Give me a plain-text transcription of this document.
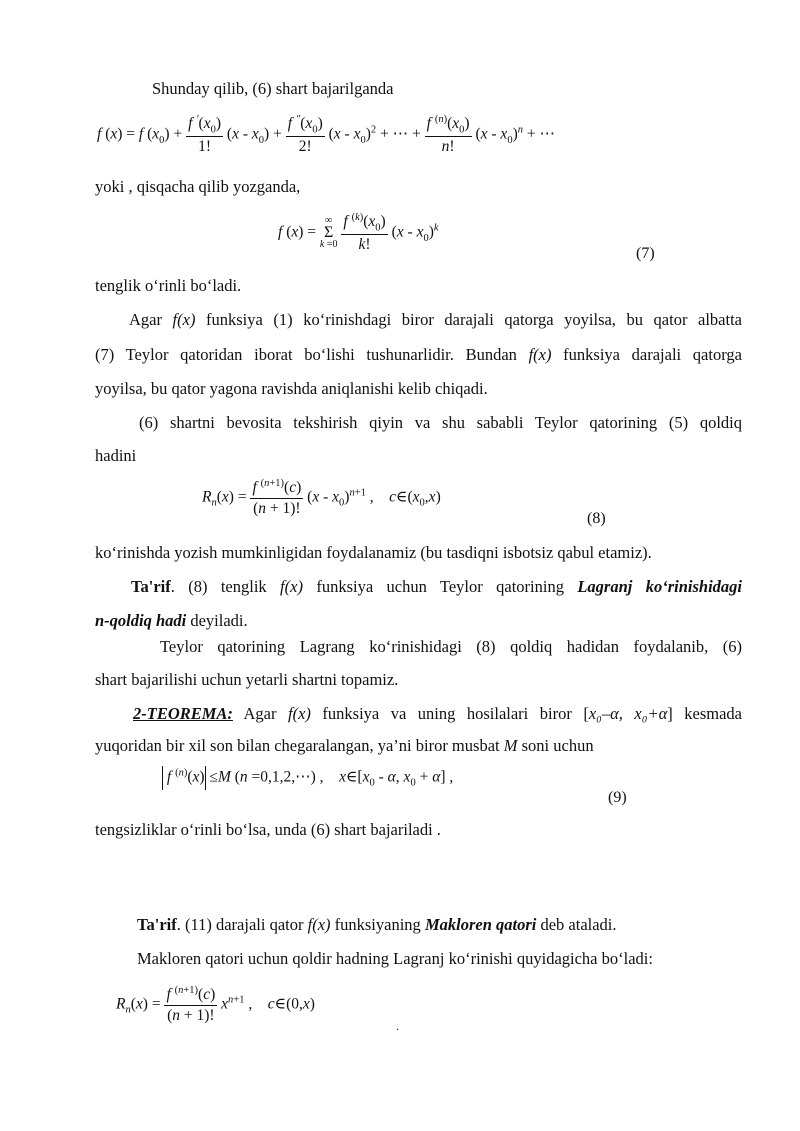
Shunday qilib, (6) shart bajarilganda
f (x) = f $(x_0) + \frac{f '(x_0)}{1!} (x - x_0) + \frac{f ''(x_0)}{2!} (x - x_0)^2$ + ⋯ + $\frac{f ^{(n)}(x_0)}{n!} (x - x_0)^n$ + ⋯
yoki , qisqacha qilib yozganda,
f (x) =
∞
Σ
k =0
$\frac{f ^{(k)}(x_0)}{k!} (x - x_0)^k$
(7)
tenglik o‘rinli bo‘ladi.
Agar f(x) funksiya (1) ko‘rinishdagi biror darajali qatorga yoyilsa, bu qator albatta
(7) Teylor qatoridan iborat bo‘lishi tushunarlidir. Bundan f(x) funksiya darajali qatorga
yoyilsa, bu qator yagona ravishda aniqlanishi kelib chiqadi.
(6) shartni bevosita tekshirish qiyin va shu sababli Teylor qatorining (5) qoldiq
hadini
$R_n(x) = \frac{f ^{(n+1)}(c)}{(n + 1)!} (x - x_0)^{n+1}$ ,    $c\in(x_0,x)$
(8)
ko‘rinishda yozish mumkinligidan foydalanamiz (bu tasdiqni isbotsiz qabul etamiz).
Ta'rif. (8) tenglik f(x) funksiya uchun Teylor qatorining Lagranj ko‘rinishidagi
n-qoldiq hadi deyiladi.
Teylor qatorining Lagrang ko‘rinishidagi (8) qoldiq hadidan foydalanib, (6)
shart bajarilishi uchun yetarli shartni topamiz.
2-TEOREMA: Agar f(x) funksiya va uning hosilalari biror [x₀–α, x₀+α] kesmada
yuqoridan bir xil son bilan chegaralangan, ya’ni biror musbat M soni uchun
f $^{(n)}$(x) ≤M (n =0,1,2,⋯) ,    $x\in[x_0$ - α, $x_0 + \alpha$] ,
(9)
tengsizliklar o‘rinli bo‘lsa, unda (6) shart bajariladi .
Ta'rif. (11) darajali qator f(x) funksiyaning Makloren qatori deb ataladi.
Makloren qatori uchun qoldir hadning Lagranj ko‘rinishi quyidagicha bo‘ladi:
$R_n(x) = \frac{f ^{(n+1)}(c)}{(n + 1)!} x^{n+1}$ ,    c∈(0,x)
.
